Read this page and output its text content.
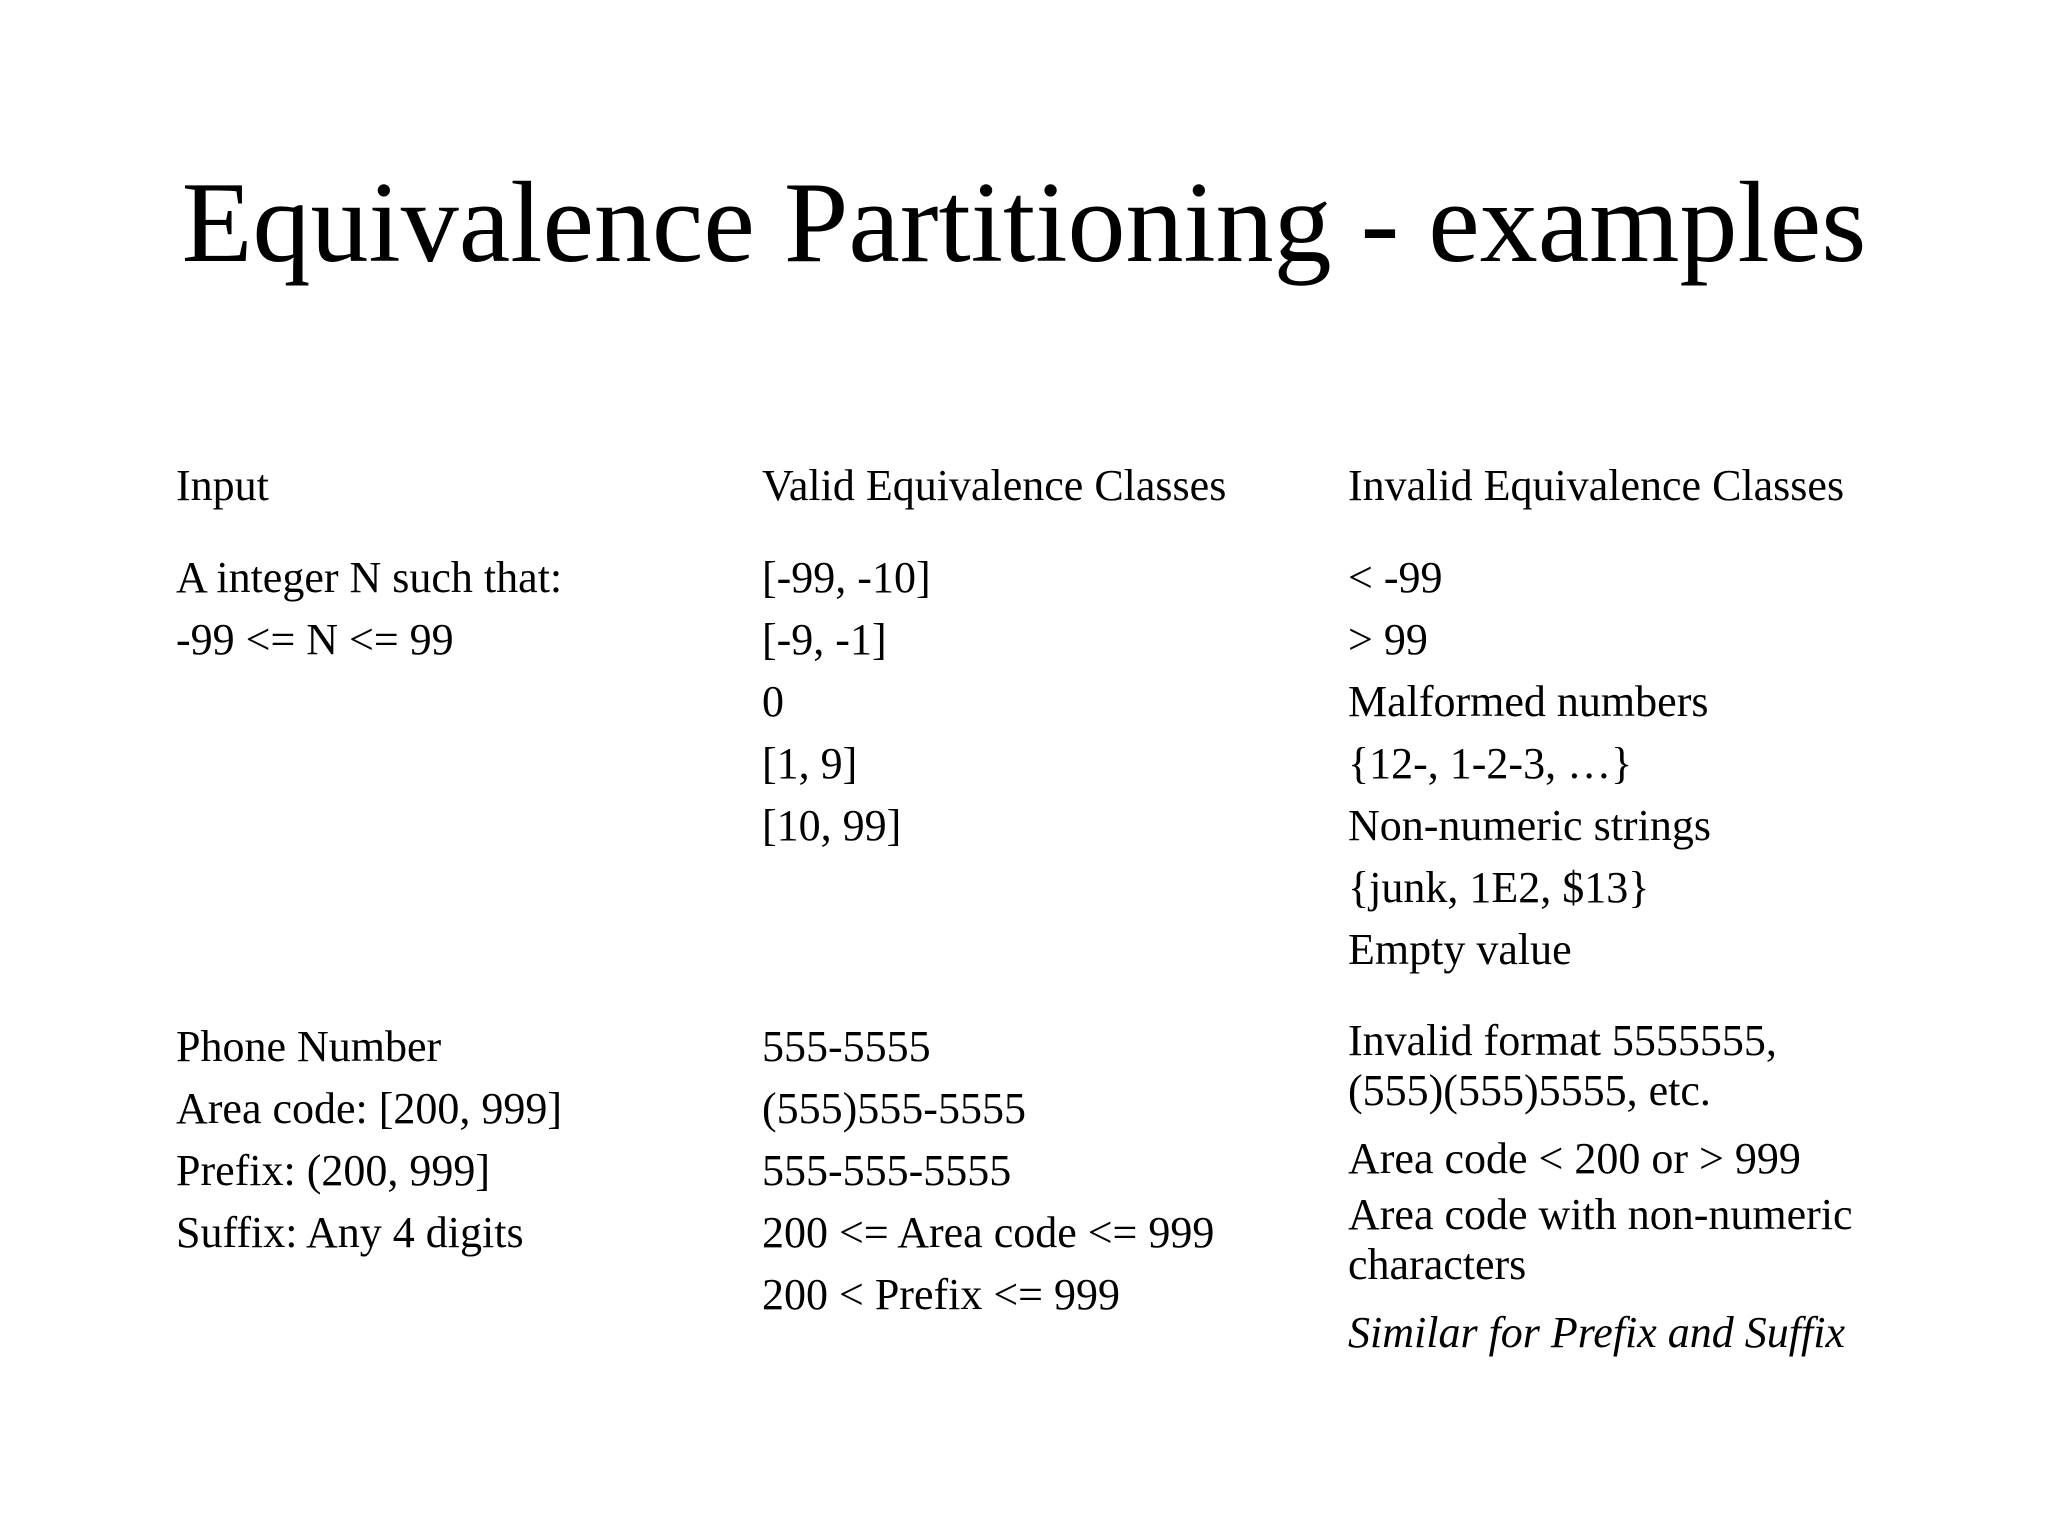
Equivalence Partitioning - examples
Input	Valid Equivalence Classes	Invalid Equivalence Classes
A integer N such that:
-99 <= N <= 99
[-99, -10]
[-9, -1]
0
[1, 9]
[10, 99]
< -99
> 99
Malformed numbers
{12-, 1-2-3, …}
Non-numeric strings
{junk, 1E2, $13}
Empty value
Phone Number
Area code: [200, 999]
Prefix: (200, 999]
Suffix: Any 4 digits
555-5555
(555)555-5555
555-555-5555
200 <= Area code <= 999
200 < Prefix <= 999
Invalid format 5555555,
(555)(555)5555, etc.
Area code < 200 or > 999
Area code with non-numeric
characters
Similar for Prefix and Suffix
